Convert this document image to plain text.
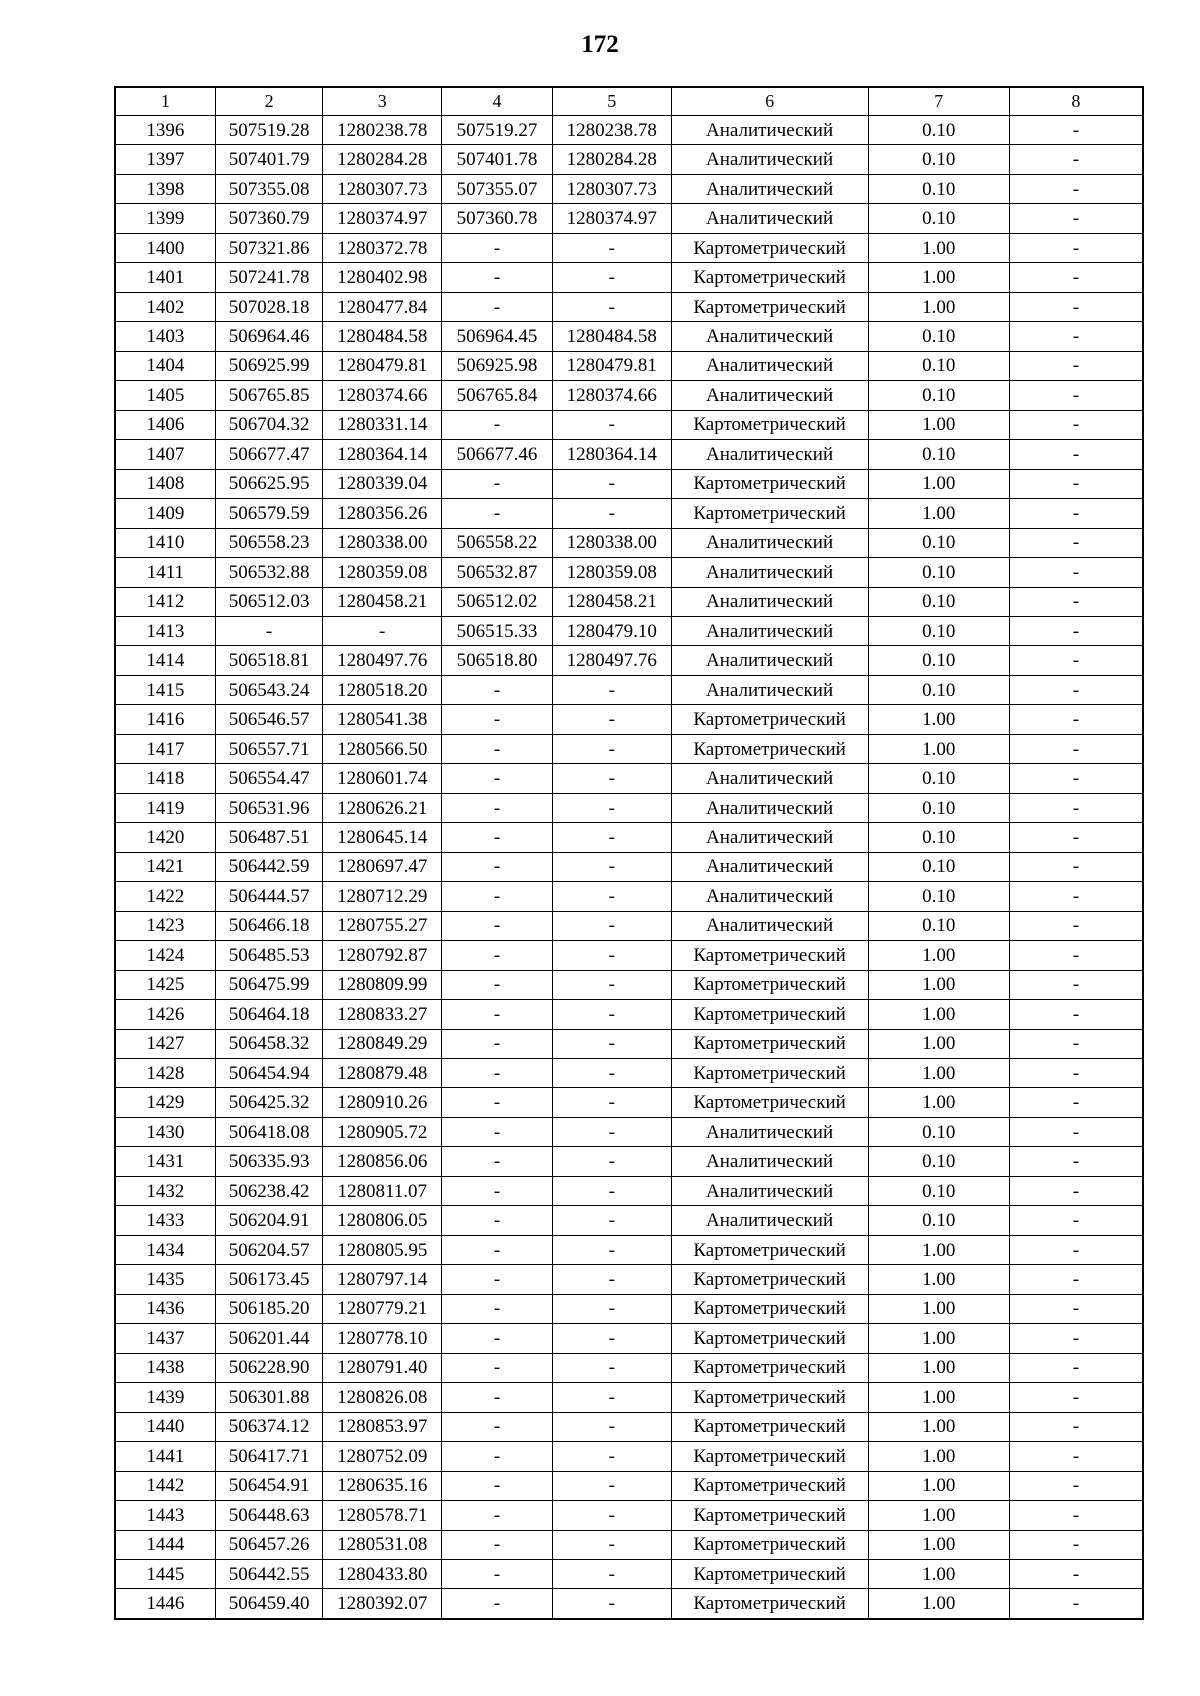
172
1	2	3	4	5	6	7	8
1396	507519.28	1280238.78	507519.27	1280238.78	Аналитический	0.10	-
1397	507401.79	1280284.28	507401.78	1280284.28	Аналитический	0.10	-
1398	507355.08	1280307.73	507355.07	1280307.73	Аналитический	0.10	-
1399	507360.79	1280374.97	507360.78	1280374.97	Аналитический	0.10	-
1400	507321.86	1280372.78	-	-	Картометрический	1.00	-
1401	507241.78	1280402.98	-	-	Картометрический	1.00	-
1402	507028.18	1280477.84	-	-	Картометрический	1.00	-
1403	506964.46	1280484.58	506964.45	1280484.58	Аналитический	0.10	-
1404	506925.99	1280479.81	506925.98	1280479.81	Аналитический	0.10	-
1405	506765.85	1280374.66	506765.84	1280374.66	Аналитический	0.10	-
1406	506704.32	1280331.14	-	-	Картометрический	1.00	-
1407	506677.47	1280364.14	506677.46	1280364.14	Аналитический	0.10	-
1408	506625.95	1280339.04	-	-	Картометрический	1.00	-
1409	506579.59	1280356.26	-	-	Картометрический	1.00	-
1410	506558.23	1280338.00	506558.22	1280338.00	Аналитический	0.10	-
1411	506532.88	1280359.08	506532.87	1280359.08	Аналитический	0.10	-
1412	506512.03	1280458.21	506512.02	1280458.21	Аналитический	0.10	-
1413	-	-	506515.33	1280479.10	Аналитический	0.10	-
1414	506518.81	1280497.76	506518.80	1280497.76	Аналитический	0.10	-
1415	506543.24	1280518.20	-	-	Аналитический	0.10	-
1416	506546.57	1280541.38	-	-	Картометрический	1.00	-
1417	506557.71	1280566.50	-	-	Картометрический	1.00	-
1418	506554.47	1280601.74	-	-	Аналитический	0.10	-
1419	506531.96	1280626.21	-	-	Аналитический	0.10	-
1420	506487.51	1280645.14	-	-	Аналитический	0.10	-
1421	506442.59	1280697.47	-	-	Аналитический	0.10	-
1422	506444.57	1280712.29	-	-	Аналитический	0.10	-
1423	506466.18	1280755.27	-	-	Аналитический	0.10	-
1424	506485.53	1280792.87	-	-	Картометрический	1.00	-
1425	506475.99	1280809.99	-	-	Картометрический	1.00	-
1426	506464.18	1280833.27	-	-	Картометрический	1.00	-
1427	506458.32	1280849.29	-	-	Картометрический	1.00	-
1428	506454.94	1280879.48	-	-	Картометрический	1.00	-
1429	506425.32	1280910.26	-	-	Картометрический	1.00	-
1430	506418.08	1280905.72	-	-	Аналитический	0.10	-
1431	506335.93	1280856.06	-	-	Аналитический	0.10	-
1432	506238.42	1280811.07	-	-	Аналитический	0.10	-
1433	506204.91	1280806.05	-	-	Аналитический	0.10	-
1434	506204.57	1280805.95	-	-	Картометрический	1.00	-
1435	506173.45	1280797.14	-	-	Картометрический	1.00	-
1436	506185.20	1280779.21	-	-	Картометрический	1.00	-
1437	506201.44	1280778.10	-	-	Картометрический	1.00	-
1438	506228.90	1280791.40	-	-	Картометрический	1.00	-
1439	506301.88	1280826.08	-	-	Картометрический	1.00	-
1440	506374.12	1280853.97	-	-	Картометрический	1.00	-
1441	506417.71	1280752.09	-	-	Картометрический	1.00	-
1442	506454.91	1280635.16	-	-	Картометрический	1.00	-
1443	506448.63	1280578.71	-	-	Картометрический	1.00	-
1444	506457.26	1280531.08	-	-	Картометрический	1.00	-
1445	506442.55	1280433.80	-	-	Картометрический	1.00	-
1446	506459.40	1280392.07	-	-	Картометрический	1.00	-
